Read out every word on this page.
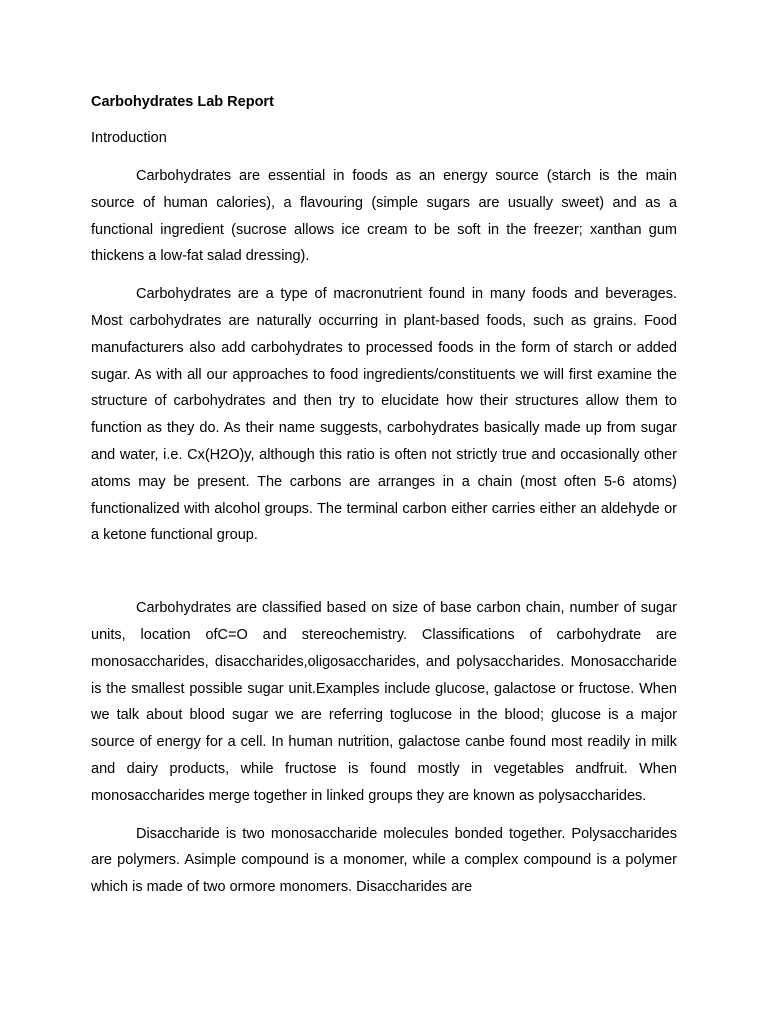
Carbohydrates Lab Report

Introduction

Carbohydrates are essential in foods as an energy source (starch is the main source of human calories), a flavouring (simple sugars are usually sweet) and as a functional ingredient (sucrose allows ice cream to be soft in the freezer; xanthan gum thickens a low-fat salad dressing).

Carbohydrates are a type of macronutrient found in many foods and beverages. Most carbohydrates are naturally occurring in plant-based foods, such as grains. Food manufacturers also add carbohydrates to processed foods in the form of starch or added sugar. As with all our approaches to food ingredients/constituents we will first examine the structure of carbohydrates and then try to elucidate how their structures allow them to function as they do. As their name suggests, carbohydrates basically made up from sugar and water, i.e. Cx(H2O)y, although this ratio is often not strictly true and occasionally other atoms may be present. The carbons are arranges in a chain (most often 5-6 atoms) functionalized with alcohol groups. The terminal carbon either carries either an aldehyde or a ketone functional group.

Carbohydrates are classified based on size of base carbon chain, number of sugar units, location ofC=O and stereochemistry. Classifications of carbohydrate are monosaccharides, disaccharides,oligosaccharides, and polysaccharides. Monosaccharide is the smallest possible sugar unit.Examples include glucose, galactose or fructose. When we talk about blood sugar we are referring toglucose in the blood; glucose is a major source of energy for a cell. In human nutrition, galactose canbe found most readily in milk and dairy products, while fructose is found mostly in vegetables andfruit. When monosaccharides merge together in linked groups they are known as polysaccharides.

Disaccharide is two monosaccharide molecules bonded together. Polysaccharides are polymers. Asimple compound is a monomer, while a complex compound is a polymer which is made of two ormore monomers. Disaccharides are
